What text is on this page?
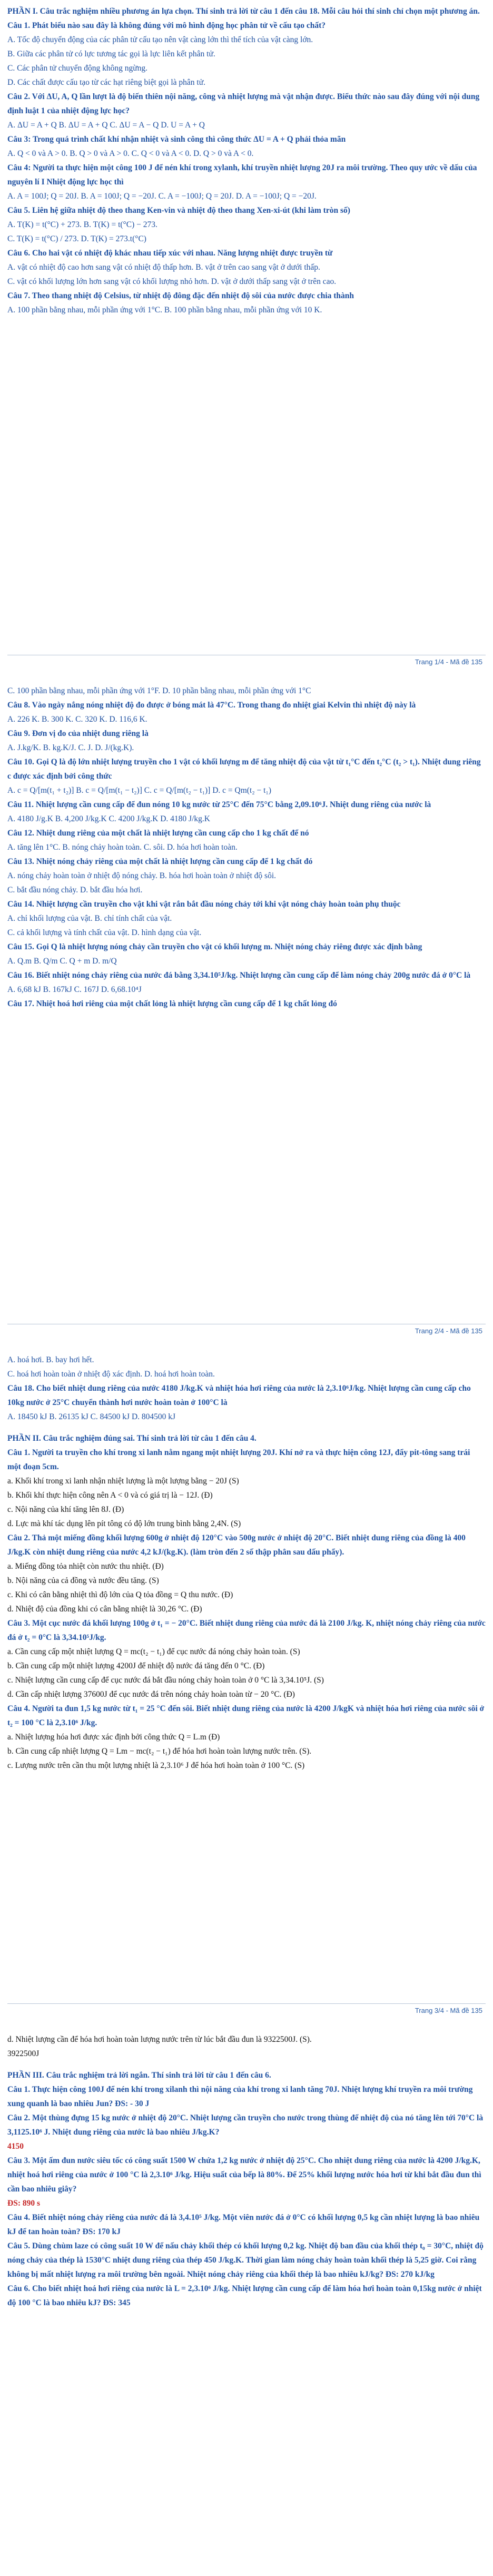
PHẦN I. Câu trắc nghiệm nhiều phương án lựa chọn. Thí sinh trả lời từ câu 1 đến câu 18. Mỗi câu hỏi thí sinh chỉ chọn một phương án.
Câu 1. Phát biểu nào sau đây là không đúng với mô hình động học phân tử về cấu tạo chất?
A. Tốc độ chuyển động của các phân tử cấu tạo nên vật càng lớn thì thể tích của vật càng lớn.
B. Giữa các phân tử có lực tương tác gọi là lực liên kết phân tử.
C. Các phân tử chuyển động không ngừng.
D. Các chất được cấu tạo từ các hạt riêng biệt gọi là phân tử.
Câu 2. Với ΔU, A, Q lần lượt là độ biến thiên nội năng, công và nhiệt lượng mà vật nhận được. Biểu thức nào sau đây đúng với nội dung định luật 1 của nhiệt động lực học?
A. ΔU = A + Q B. ΔU = A + Q C. ΔU = A − Q D. U = A + Q
Câu 3: Trong quá trình chất khí nhận nhiệt và sinh công thì công thức ΔU = A + Q phải thỏa mãn
A. Q < 0 và A > 0. B. Q > 0 và A > 0. C. Q < 0 và A < 0. D. Q > 0 và A < 0.
Câu 4: Người ta thực hiện một công 100 J để nén khí trong xylanh, khí truyền nhiệt lượng 20J ra môi trường. Theo quy ước về dấu của nguyên lí I Nhiệt động lực học thì
A. A = 100J; Q = 20J. B. A = 100J; Q = −20J. C. A = −100J; Q = 20J. D. A = −100J; Q = −20J.
Câu 5. Liên hệ giữa nhiệt độ theo thang Ken-vin và nhiệt độ theo thang Xen-xi-út (khi làm tròn số)
A. T(K) = t(°C) + 273. B. T(K) = t(°C) − 273.
C. T(K) = t(°C) / 273. D. T(K) = 273.t(°C)
Câu 6. Cho hai vật có nhiệt độ khác nhau tiếp xúc với nhau. Năng lượng nhiệt được truyền từ
A. vật có nhiệt độ cao hơn sang vật có nhiệt độ thấp hơn. B. vật ở trên cao sang vật ở dưới thấp.
C. vật có khối lượng lớn hơn sang vật có khối lượng nhỏ hơn. D. vật ở dưới thấp sang vật ở trên cao.
Câu 7. Theo thang nhiệt độ Celsius, từ nhiệt độ đông đặc đến nhiệt độ sôi của nước được chia thành
A. 100 phần bằng nhau, mỗi phần ứng với 1°C. B. 100 phần bằng nhau, mỗi phần ứng với 10 K.
Trang 1/4 - Mã đề 135
C. 100 phần bằng nhau, mỗi phần ứng với 1°F. D. 10 phần bằng nhau, mỗi phần ứng với 1°C
Câu 8. Vào ngày nắng nóng nhiệt độ đo được ở bóng mát là 47°C. Trong thang đo nhiệt giai Kelvin thì nhiệt độ này là
A. 226 K. B. 300 K. C. 320 K. D. 116,6 K.
Câu 9. Đơn vị đo của nhiệt dung riêng là
A. J.kg/K. B. kg.K/J. C. J. D. J/(kg.K).
Câu 10. Gọi Q là độ lớn nhiệt lượng truyền cho 1 vật có khối lượng m để tăng nhiệt độ của vật từ t₁°C đến t₂°C (t₂ > t₁). Nhiệt dung riêng c được xác định bởi công thức
A. c = Q/[m(t₁ + t₂)] B. c = Q/[m(t₁ − t₂)] C. c = Q/[m(t₂ − t₁)] D. c = Qm(t₂ − t₁)
Câu 11. Nhiệt lượng cần cung cấp để đun nóng 10 kg nước từ 25°C đến 75°C bằng 2,09.10⁶J. Nhiệt dung riêng của nước là
A. 4180 J/g.K B. 4,200 J/kg.K C. 4200 J/kg.K D. 4180 J/kg.K
Câu 12. Nhiệt dung riêng của một chất là nhiệt lượng cần cung cấp cho 1 kg chất để nó
A. tăng lên 1°C. B. nóng chảy hoàn toàn. C. sôi. D. hóa hơi hoàn toàn.
Câu 13. Nhiệt nóng chảy riêng của một chất là nhiệt lượng cần cung cấp để 1 kg chất đó
A. nóng chảy hoàn toàn ở nhiệt độ nóng chảy. B. hóa hơi hoàn toàn ở nhiệt độ sôi.
C. bắt đầu nóng chảy. D. bắt đầu hóa hơi.
Câu 14. Nhiệt lượng cần truyền cho vật khi vật rắn bắt đầu nóng chảy tới khi vật nóng chảy hoàn toàn phụ thuộc
A. chỉ khối lượng của vật. B. chỉ tính chất của vật.
C. cả khối lượng và tính chất của vật. D. hình dạng của vật.
Câu 15. Gọi Q là nhiệt lượng nóng chảy cần truyền cho vật có khối lượng m. Nhiệt nóng chảy riêng được xác định bằng
A. Q.m B. Q/m C. Q + m D. m/Q
Câu 16. Biết nhiệt nóng chảy riêng của nước đá bằng 3,34.10⁵J/kg. Nhiệt lượng cần cung cấp để làm nóng chảy 200g nước đá ở 0°C là
A. 6,68 kJ B. 167kJ C. 167J D. 6,68.10⁴J
Câu 17. Nhiệt hoá hơi riêng của một chất lỏng là nhiệt lượng cần cung cấp để 1 kg chất lỏng đó
Trang 2/4 - Mã đề 135
A. hoá hơi. B. bay hơi hết.
C. hoá hơi hoàn toàn ở nhiệt độ xác định. D. hoá hơi hoàn toàn.
Câu 18. Cho biết nhiệt dung riêng của nước 4180 J/kg.K và nhiệt hóa hơi riêng của nước là 2,3.10⁶J/kg. Nhiệt lượng cần cung cấp cho 10kg nước ở 25°C chuyển thành hơi nước hoàn toàn ở 100°C là
A. 18450 kJ B. 26135 kJ C. 84500 kJ D. 804500 kJ
PHẦN II. Câu trắc nghiệm đúng sai. Thí sinh trả lời từ câu 1 đến câu 4.
Câu 1. Người ta truyền cho khí trong xi lanh nằm ngang một nhiệt lượng 20J. Khí nở ra và thực hiện công 12J, đẩy pit-tông sang trái một đoạn 5cm.
a. Khối khí trong xi lanh nhận nhiệt lượng là một lượng bằng − 20J (S)
b. Khối khí thực hiện công nên A < 0 và có giá trị là − 12J. (Đ)
c. Nội năng của khí tăng lên 8J. (Đ)
d. Lực mà khí tác dụng lên pít tông có độ lớn trung bình bằng 2,4N. (S)
Câu 2. Thả một miếng đồng khối lượng 600g ở nhiệt độ 120°C vào 500g nước ở nhiệt độ 20°C. Biết nhiệt dung riêng của đồng là 400 J/kg.K còn nhiệt dung riêng của nước 4,2 kJ/(kg.K). (làm tròn đến 2 số thập phân sau dấu phẩy).
a. Miếng đồng tỏa nhiệt còn nước thu nhiệt. (Đ)
b. Nội năng của cả đồng và nước đều tăng. (S)
c. Khi có cân bằng nhiệt thì độ lớn của Q tỏa đồng = Q thu nước. (Đ)
d. Nhiệt độ của đồng khi có cân bằng nhiệt là 30,26 °C. (Đ)
Câu 3. Một cục nước đá khối lượng 100g ở t₁ = − 20°C. Biết nhiệt dung riêng của nước đá là 2100 J/kg. K, nhiệt nóng chảy riêng của nước đá ở t₂ = 0°C là 3,34.10⁵J/kg.
a. Cần cung cấp một nhiệt lượng Q = mc(t₂ − t₁) để cục nước đá nóng chảy hoàn toàn. (S)
b. Cần cung cấp một nhiệt lượng 4200J để nhiệt độ nước đá tăng đến 0 °C. (Đ)
c. Nhiệt lượng cần cung cấp để cục nước đá bắt đầu nóng chảy hoàn toàn ở 0 °C là 3,34.10⁵J. (S)
d. Cần cấp nhiệt lượng 37600J để cục nước đá trên nóng chảy hoàn toàn từ − 20 °C. (Đ)
Câu 4. Người ta đun 1,5 kg nước từ t₁ = 25 °C đến sôi. Biết nhiệt dung riêng của nước là 4200 J/kgK và nhiệt hóa hơi riêng của nước sôi ở t₂ = 100 °C là 2,3.10⁶ J/kg.
a. Nhiệt lượng hóa hơi được xác định bởi công thức Q = L.m (Đ)
b. Cần cung cấp nhiệt lượng Q = Lm − mc(t₂ − t₁) để hóa hơi hoàn toàn lượng nước trên. (S).
c. Lượng nước trên cần thu một lượng nhiệt là 2,3.10⁶ J để hóa hơi hoàn toàn ở 100 °C. (S)
Trang 3/4 - Mã đề 135
d. Nhiệt lượng cần để hóa hơi hoàn toàn lượng nước trên từ lúc bắt đầu đun là 9322500J. (S).
3922500J
PHẦN III. Câu trắc nghiệm trả lời ngắn. Thí sinh trả lời từ câu 1 đến câu 6.
Câu 1. Thực hiện công 100J để nén khí trong xilanh thì nội năng của khí trong xi lanh tăng 70J. Nhiệt lượng khí truyền ra môi trường xung quanh là bao nhiêu Jun? ĐS: - 30 J
Câu 2. Một thùng đựng 15 kg nước ở nhiệt độ 20°C. Nhiệt lượng cần truyền cho nước trong thùng để nhiệt độ của nó tăng lên tới 70°C là 3,1125.10⁶ J. Nhiệt dung riêng của nước là bao nhiêu J/kg.K?
4150
Câu 3. Một ấm đun nước siêu tốc có công suất 1500 W chứa 1,2 kg nước ở nhiệt độ 25°C. Cho nhiệt dung riêng của nước là 4200 J/kg.K, nhiệt hoá hơi riêng của nước ở 100 °C là 2,3.10⁶ J/kg. Hiệu suất của bếp là 80%. Để 25% khối lượng nước hóa hơi từ khi bắt đầu đun thì cần bao nhiêu giây?
ĐS: 890 s
Câu 4. Biết nhiệt nóng chảy riêng của nước đá là 3,4.10⁵ J/kg. Một viên nước đá ở 0°C có khối lượng 0,5 kg cần nhiệt lượng là bao nhiêu kJ để tan hoàn toàn? ĐS: 170 kJ
Câu 5. Dùng chùm laze có công suất 10 W để nấu chảy khối thép có khối lượng 0,2 kg. Nhiệt độ ban đầu của khối thép t₀ = 30°C, nhiệt độ nóng chảy của thép là 1530°C nhiệt dung riêng của thép 450 J/kg.K. Thời gian làm nóng chảy hoàn toàn khối thép là 5,25 giờ. Coi rằng không bị mất nhiệt lượng ra môi trường bên ngoài. Nhiệt nóng chảy riêng của khối thép là bao nhiêu kJ/kg? ĐS: 270 kJ/kg
Câu 6. Cho biết nhiệt hoá hơi riêng của nước là L = 2,3.10⁶ J/kg. Nhiệt lượng cần cung cấp để làm hóa hơi hoàn toàn 0,15kg nước ở nhiệt độ 100 °C là bao nhiêu kJ? ĐS: 345
